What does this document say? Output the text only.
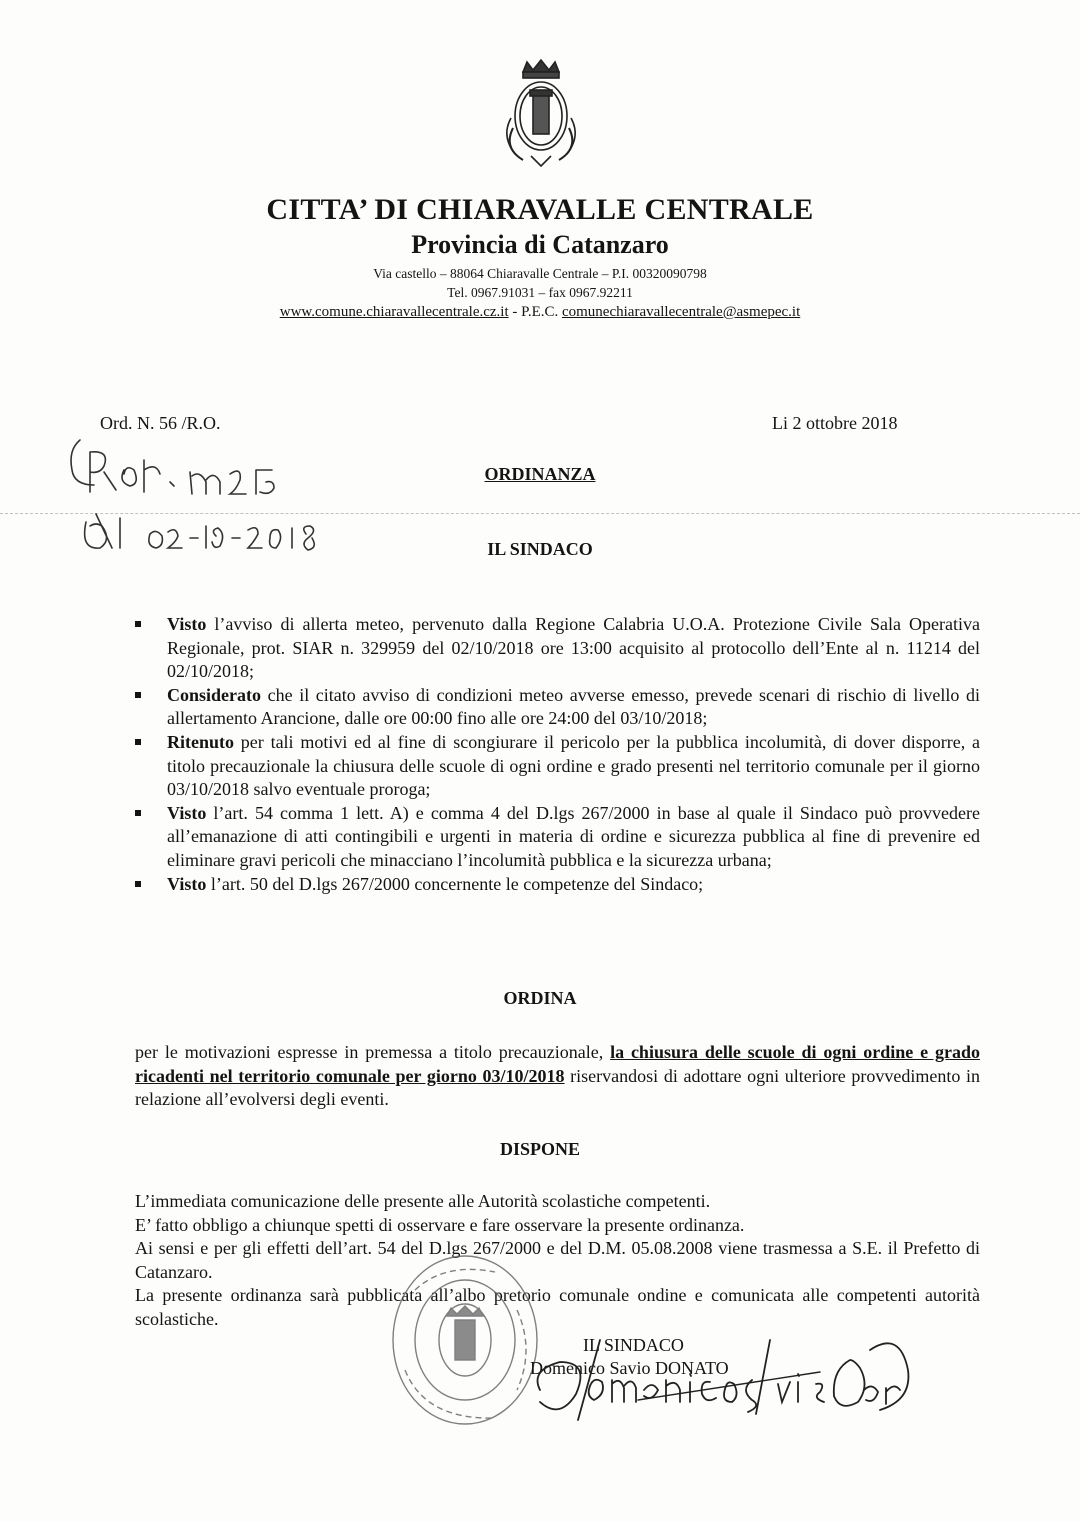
CITTA’ DI CHIARAVALLE CENTRALE
Provincia di Catanzaro
Via castello – 88064 Chiaravalle Centrale – P.I. 00320090798
Tel. 0967.91031 – fax 0967.92211
www.comune.chiaravallecentrale.cz.it - P.E.C. comunechiaravallecentrale@asmepec.it
Ord. N. 56 /R.O.	Li 2 ottobre 2018
ORDINANZA
IL SINDACO
Visto l’avviso di allerta meteo, pervenuto dalla Regione Calabria U.O.A. Protezione Civile Sala Operativa Regionale, prot. SIAR n. 329959 del 02/10/2018 ore 13:00 acquisito al protocollo dell’Ente al n. 11214 del 02/10/2018;
Considerato che il citato avviso di condizioni meteo avverse emesso, prevede scenari di rischio di livello di allertamento Arancione, dalle ore 00:00 fino alle ore 24:00 del 03/10/2018;
Ritenuto per tali motivi ed al fine di scongiurare il pericolo per la pubblica incolumità, di dover disporre, a titolo precauzionale la chiusura delle scuole di ogni ordine e grado presenti nel territorio comunale per il giorno 03/10/2018 salvo eventuale proroga;
Visto l’art. 54 comma 1 lett. A) e comma 4 del D.lgs 267/2000 in base al quale il Sindaco può provvedere all’emanazione di atti contingibili e urgenti in materia di ordine e sicurezza pubblica al fine di prevenire ed eliminare gravi pericoli che minacciano l’incolumità pubblica e la sicurezza urbana;
Visto l’art. 50 del D.lgs 267/2000 concernente le competenze del Sindaco;
ORDINA
per le motivazioni espresse in premessa a titolo precauzionale, la chiusura delle scuole di ogni ordine e grado ricadenti nel territorio comunale per giorno 03/10/2018 riservandosi di adottare ogni ulteriore provvedimento in relazione all’evolversi degli eventi.
DISPONE

L’immediata comunicazione delle presente alle Autorità scolastiche competenti.

E’ fatto obbligo a chiunque spetti di osservare e fare osservare la presente ordinanza.

Ai sensi e per gli effetti dell’art. 54 del D.lgs 267/2000 e del D.M. 05.08.2008 viene trasmessa a S.E. il Prefetto di Catanzaro.

La presente ordinanza sarà pubblicata all’albo pretorio comunale ondine e comunicata alle competenti autorità scolastiche.

IL SINDACO
Domenico Savio DONATO
